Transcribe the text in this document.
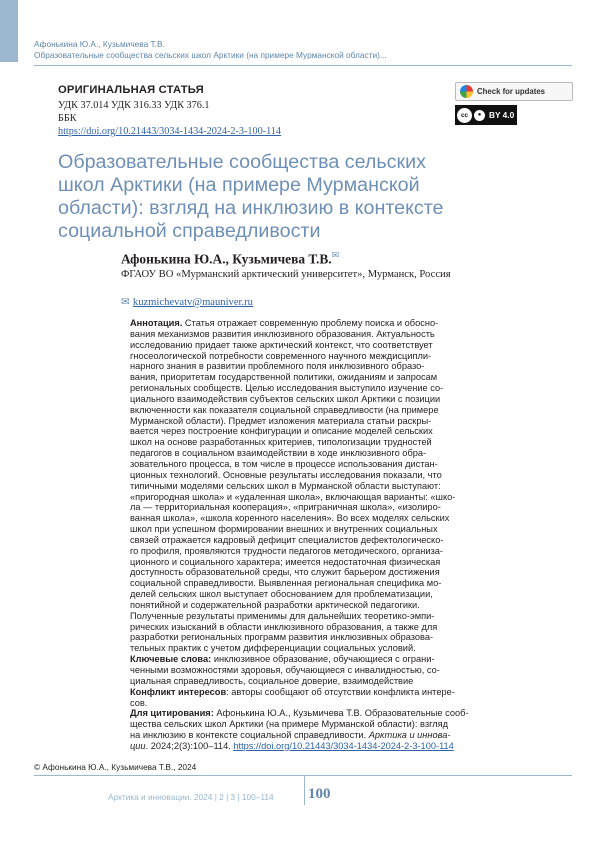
Афонькина Ю.А., Кузьмичева Т.В.
Образовательные сообщества сельских школ Арктики (на примере Мурманской области)...
ОРИГИНАЛЬНАЯ СТАТЬЯ
УДК 37.014 УДК 316.33 УДК 376.1
ББК
https://doi.org/10.21443/3034-1434-2024-2-3-100-114
Check for updates
cc	● BY 4.0
Образовательные сообщества сельских
школ Арктики (на примере Мурманской
области): взгляд на инклюзию в контексте
социальной справедливости
Афонькина Ю.А., Кузьмичева Т.В.✉
ФГАОУ ВО «Мурманский арктический университет», Мурманск, Россия
✉ kuzmichevatv@mauniver.ru

Аннотация. Статья отражает современную проблему поиска и обосно-

вания механизмов развития инклюзивного образования. Актуальность

исследованию придает также арктический контекст, что соответствует

гносеологической потребности современного научного междисципли-

нарного знания в развитии проблемного поля инклюзивного образо-

вания, приоритетам государственной политики, ожиданиям и запросам

региональных сообществ. Целью исследования выступило изучение со-

циального взаимодействия субъектов сельских школ Арктики с позиции

включенности как показателя социальной справедливости (на примере

Мурманской области). Предмет изложения материала статьи раскры-

вается через построение конфигурации и описание моделей сельских

школ на основе разработанных критериев, типологизации трудностей

педагогов в социальном взаимодействии в ходе инклюзивного обра-

зовательного процесса, в том числе в процессе использования дистан-

ционных технологий. Основные результаты исследования показали, что

типичными моделями сельских школ в Мурманской области выступают:

«пригородная школа» и «удаленная школа», включающая варианты: «шко-

ла — территориальная кооперация», «приграничная школа», «изолиро-

ванная школа», «школа коренного населения». Во всех моделях сельских

школ при успешном формировании внешних и внутренних социальных

связей отражается кадровый дефицит специалистов дефектологическо-

го профиля, проявляются трудности педагогов методического, организа-

ционного и социального характера; имеется недостаточная физическая

доступность образовательной среды, что служит барьером достижения

социальной справедливости. Выявленная региональная специфика мо-

делей сельских школ выступает обоснованием для проблематизации,

понятийной и содержательной разработки арктической педагогики.

Полученные результаты применимы для дальнейших теоретико-эмпи-

рических изысканий в области инклюзивного образования, а также для

разработки региональных программ развития инклюзивных образова-

тельных практик с учетом дифференциации социальных условий.

Ключевые слова: инклюзивное образование, обучающиеся с ограни-

ченными возможностями здоровья, обучающиеся с инвалидностью, со-

циальная справедливость, социальное доверие, взаимодействие

Конфликт интересов: авторы сообщают об отсутствии конфликта интере-

сов.

Для цитирования: Афонькина Ю.А., Кузьмичева Т.В. Образовательные сооб-

щества сельских школ Арктики (на примере Мурманской области): взгляд

на инклюзию в контексте социальной справедливости. Арктика и иннова-

ции. 2024;2(3):100–114. https://doi.org/10.21443/3034-1434-2024-2-3-100-114

© Афонькина Ю.А., Кузьмичева Т.В., 2024
Арктика и инновации. 2024 | 2 | 3 | 100–114 100
